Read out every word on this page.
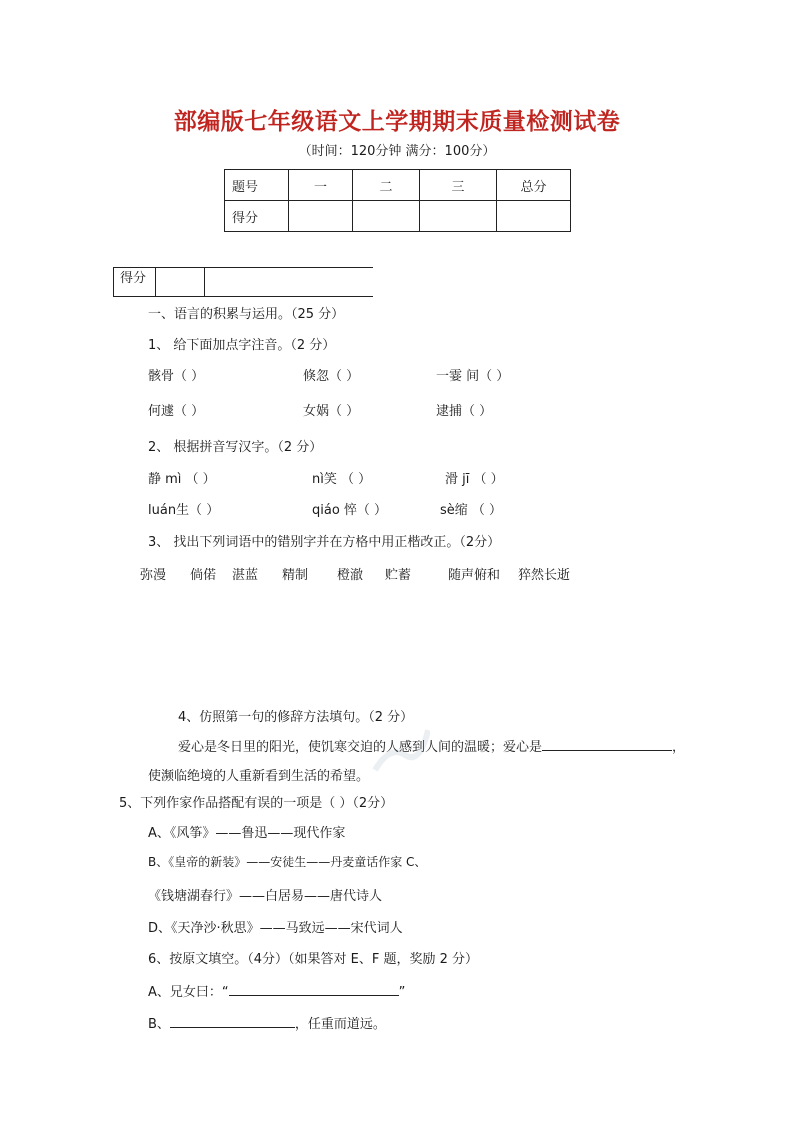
部编版七年级语文上学期期末质量检测试卷
（时间：120分钟 满分：100分）
题号	一	二	三	总分
得分				
得分
一、语言的积累与运用。（25 分）
1、 给下面加点字注音。（2 分）
骸骨（ ）	倏忽（ ）	一霎 间（ ）
何遽（ ）	女娲（ ）	逮捕（ ）
2、 根据拼音写汉字。（2 分）
静 mì （ ）	nì笑 （ ）	滑 jī （ ）
luán生（ ）	qiáo 悴（ ）	sè缩 （ ）
3、 找出下列词语中的错别字并在方格中用正楷改正。（2分）
弥漫 倘偌 湛蓝 精制 橙澈 贮蓄	随声俯和 猝然长逝
4、仿照第一句的修辞方法填句。（2 分）
爱心是冬日里的阳光，使饥寒交迫的人感到人间的温暖；爱心是	，
使濒临绝境的人重新看到生活的希望。
5、下列作家作品搭配有误的一项是（ ）（2分）
A、《风筝》——鲁迅——现代作家
B、《皇帝的新装》——安徒生——丹麦童话作家 C、
《钱塘湖春行》——白居易——唐代诗人
D、《天净沙·秋思》——马致远——宋代词人
6、按原文填空。（4分）（如果答对 E、F 题，奖励 2 分）
A、兄女曰：“	”
B、	，任重而道远。
